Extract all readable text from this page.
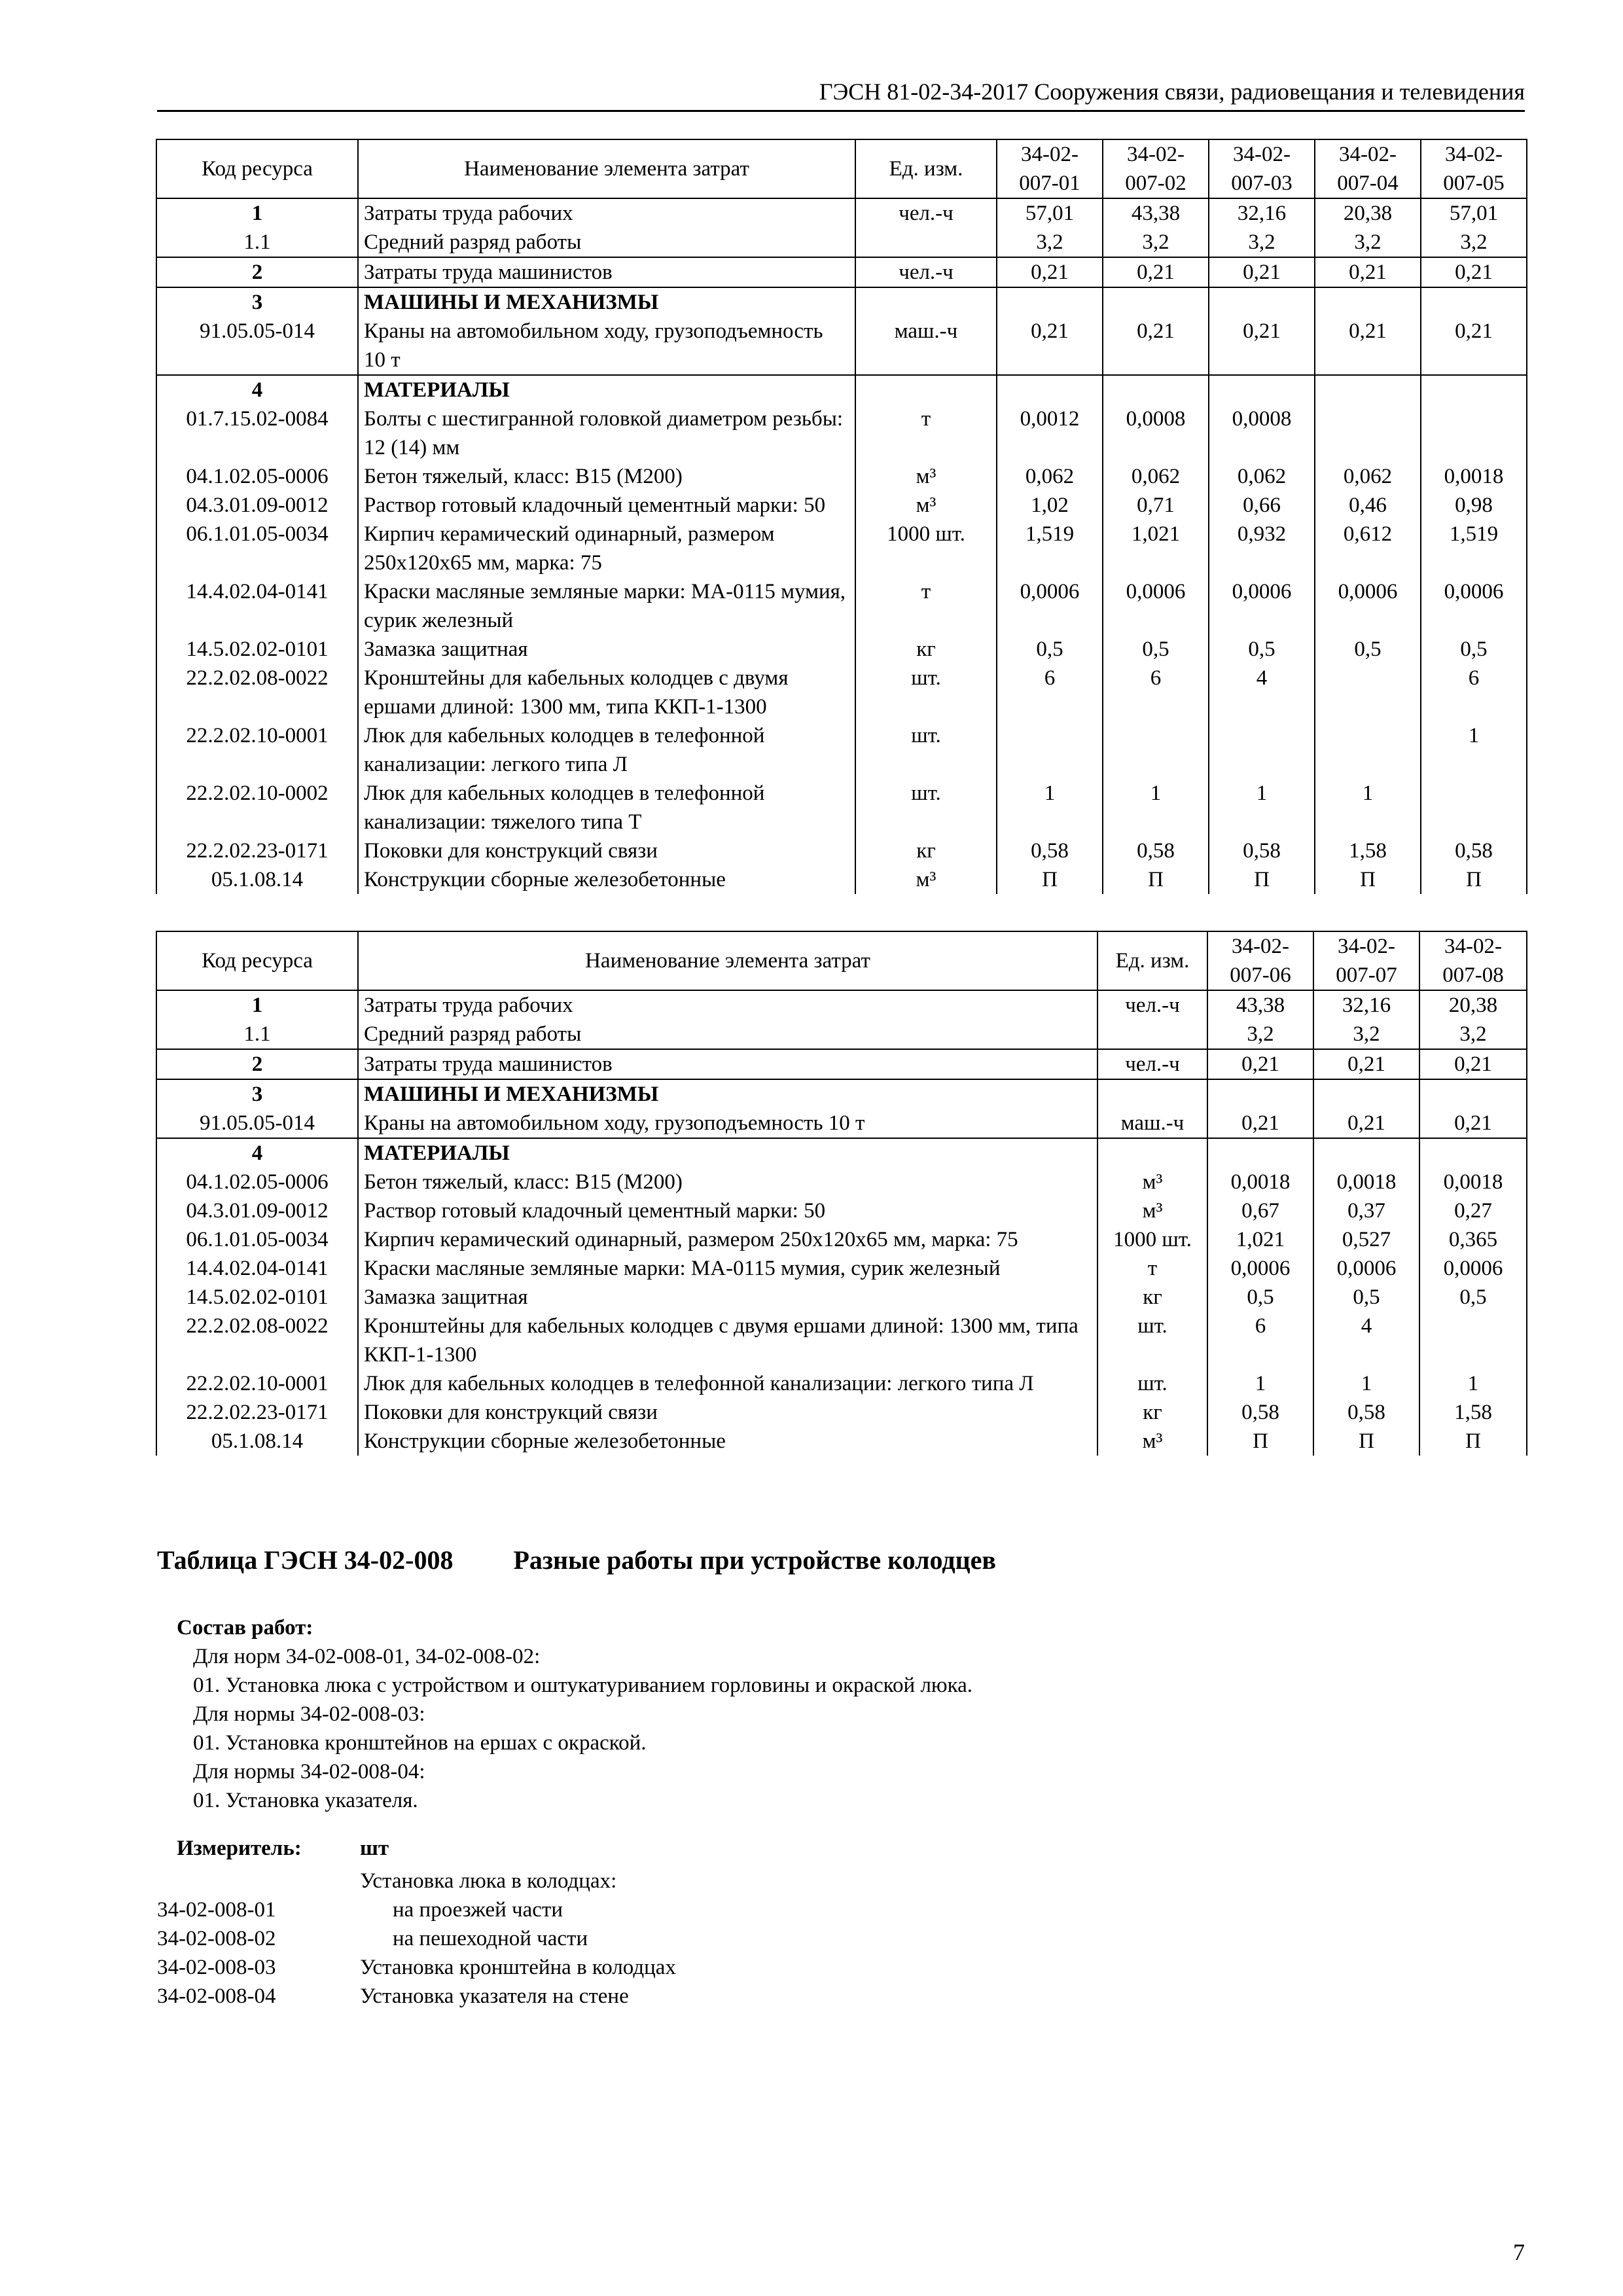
ГЭСН 81-02-34-2017 Сооружения связи, радиовещания и телевидения
Код ресурса	Наименование элемента затрат	Ед. изм.	34-02-007-01	34-02-007-02	34-02-007-03	34-02-007-04	34-02-007-05
1	Затраты труда рабочих	чел.-ч	57,01	43,38	32,16	20,38	57,01
1.1	Средний разряд работы		3,2	3,2	3,2	3,2	3,2
2	Затраты труда машинистов	чел.-ч	0,21	0,21	0,21	0,21	0,21
3	МАШИНЫ И МЕХАНИЗМЫ						
91.05.05-014	Краны на автомобильном ходу, грузоподъемность 10 т	маш.-ч	0,21	0,21	0,21	0,21	0,21
4	МАТЕРИАЛЫ						
01.7.15.02-0084	Болты с шестигранной головкой диаметром резьбы: 12 (14) мм	т	0,0012	0,0008	0,0008		
04.1.02.05-0006	Бетон тяжелый, класс: В15 (М200)	м³	0,062	0,062	0,062	0,062	0,0018
04.3.01.09-0012	Раствор готовый кладочный цементный марки: 50	м³	1,02	0,71	0,66	0,46	0,98
06.1.01.05-0034	Кирпич керамический одинарный, размером 250х120х65 мм, марка: 75	1000 шт.	1,519	1,021	0,932	0,612	1,519
14.4.02.04-0141	Краски масляные земляные марки: МА-0115 мумия, сурик железный	т	0,0006	0,0006	0,0006	0,0006	0,0006
14.5.02.02-0101	Замазка защитная	кг	0,5	0,5	0,5	0,5	0,5
22.2.02.08-0022	Кронштейны для кабельных колодцев с двумя ершами длиной: 1300 мм, типа ККП-1-1300	шт.	6	6	4		6
22.2.02.10-0001	Люк для кабельных колодцев в телефонной канализации: легкого типа Л	шт.					1
22.2.02.10-0002	Люк для кабельных колодцев в телефонной канализации: тяжелого типа Т	шт.	1	1	1	1	
22.2.02.23-0171	Поковки для конструкций связи	кг	0,58	0,58	0,58	1,58	0,58
05.1.08.14	Конструкции сборные железобетонные	м³	П	П	П	П	П
Код ресурса	Наименование элемента затрат	Ед. изм.	34-02-007-06	34-02-007-07	34-02-007-08
1	Затраты труда рабочих	чел.-ч	43,38	32,16	20,38
1.1	Средний разряд работы		3,2	3,2	3,2
2	Затраты труда машинистов	чел.-ч	0,21	0,21	0,21
3	МАШИНЫ И МЕХАНИЗМЫ				
91.05.05-014	Краны на автомобильном ходу, грузоподъемность 10 т	маш.-ч	0,21	0,21	0,21
4	МАТЕРИАЛЫ				
04.1.02.05-0006	Бетон тяжелый, класс: В15 (М200)	м³	0,0018	0,0018	0,0018
04.3.01.09-0012	Раствор готовый кладочный цементный марки: 50	м³	0,67	0,37	0,27
06.1.01.05-0034	Кирпич керамический одинарный, размером 250х120х65 мм, марка: 75	1000 шт.	1,021	0,527	0,365
14.4.02.04-0141	Краски масляные земляные марки: МА-0115 мумия, сурик железный	т	0,0006	0,0006	0,0006
14.5.02.02-0101	Замазка защитная	кг	0,5	0,5	0,5
22.2.02.08-0022	Кронштейны для кабельных колодцев с двумя ершами длиной: 1300 мм, типа ККП-1-1300	шт.	6	4	
22.2.02.10-0001	Люк для кабельных колодцев в телефонной канализации: легкого типа Л	шт.	1	1	1
22.2.02.23-0171	Поковки для конструкций связи	кг	0,58	0,58	1,58
05.1.08.14	Конструкции сборные железобетонные	м³	П	П	П
Таблица ГЭСН 34-02-008 Разные работы при устройстве колодцев
Состав работ:
Для норм 34-02-008-01, 34-02-008-02:
01. Установка люка с устройством и оштукатуриванием горловины и окраской люка.
Для нормы 34-02-008-03:
01. Установка кронштейнов на ершах с окраской.
Для нормы 34-02-008-04:
01. Установка указателя.
Измеритель:	шт
Установка люка в колодцах:
34-02-008-01	на проезжей части
34-02-008-02	на пешеходной части
34-02-008-03	Установка кронштейна в колодцах
34-02-008-04	Установка указателя на стене
7
